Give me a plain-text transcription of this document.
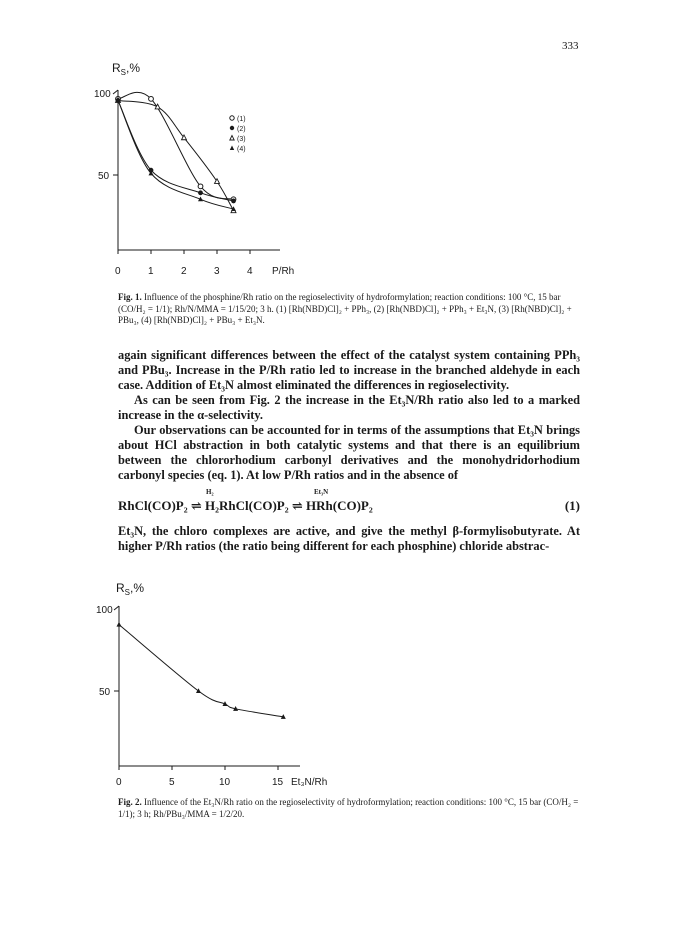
333
$R_S,\%$
100
50
0	1	2	3	4 P/Rh
(1)
(2)
(3)
(4)
Fig. 1. Influence of the phosphine/Rh ratio on the regioselectivity of hydroformylation; reaction conditions: 100 °C, 15 bar (CO/H₂ = 1/1); Rh/N/MMA = 1/15/20; 3 h. (1) [Rh(NBD)Cl]₂ + PPh₃, (2) [Rh(NBD)Cl]₂ + PPh₃ + Et₃N, (3) [Rh(NBD)Cl]₂ + PBu₃, (4) [Rh(NBD)Cl]₂ + PBu₃ + Et₃N.

again significant differences between the effect of the catalyst system containing PPh₃ and PBu₃. Increase in the P/Rh ratio led to increase in the branched aldehyde in each case. Addition of Et₃N almost eliminated the differences in regioselectivity.

As can be seen from Fig. 2 the increase in the Et₃N/Rh ratio also led to a marked increase in the α-selectivity.

Our observations can be accounted for in terms of the assumptions that Et₃N brings about HCl abstraction in both catalytic systems and that there is an equilibrium between the chlororhodium carbonyl derivatives and the monohydridorhodium carbonyl species (eq. 1). At low P/Rh ratios and in the absence of

H₂	Et₃N
RhCl(CO)P₂ ⇌ H₂RhCl(CO)P₂ ⇌ HRh(CO)P₂	(1)

Et₃N, the chloro complexes are active, and give the methyl β-formylisobutyrate. At higher P/Rh ratios (the ratio being different for each phosphine) chloride abstrac-

$R_S,\%$
100
50
0	5	10	15 Et₃N/Rh
Fig. 2. Influence of the Et₃N/Rh ratio on the regioselectivity of hydroformylation; reaction conditions: 100 °C, 15 bar (CO/H₂ = 1/1); 3 h; Rh/PBu₃/MMA = 1/2/20.
